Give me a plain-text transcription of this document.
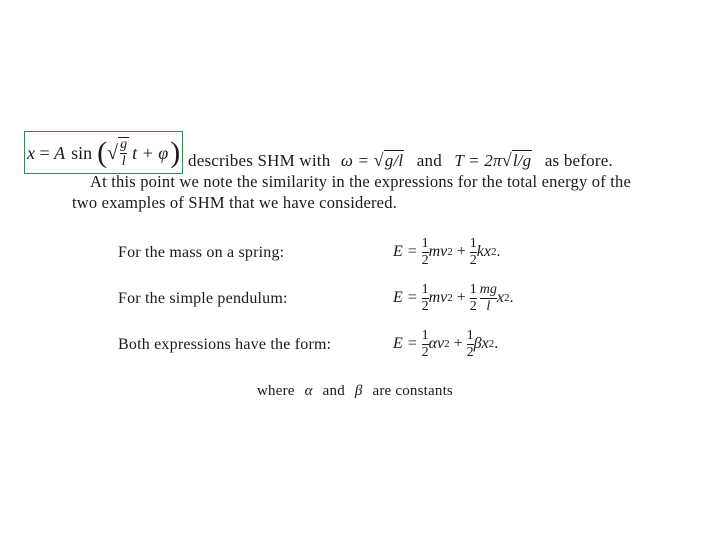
x = A sin ( √ $\frac{g}{l}$ t + φ ) describes SHM with ω = √g/l and T = 2π√l/g as before.
At this point we note the similarity in the expressions for the total energy of the
two examples of SHM that we have considered.
For the mass on a spring:	$E = \frac{1}{2}$ mv $2 + \frac{1}{2}$ kx 2 .
For the simple pendulum:	$E = \frac{1}{2}$ mv $2 + \frac{1}{2} \frac{mg}{l}$ x 2 .
Both expressions have the form:	$E = \frac{1}{2}$ αv $2 + \frac{1}{2}$ βx 2 .
where α and β are constants
